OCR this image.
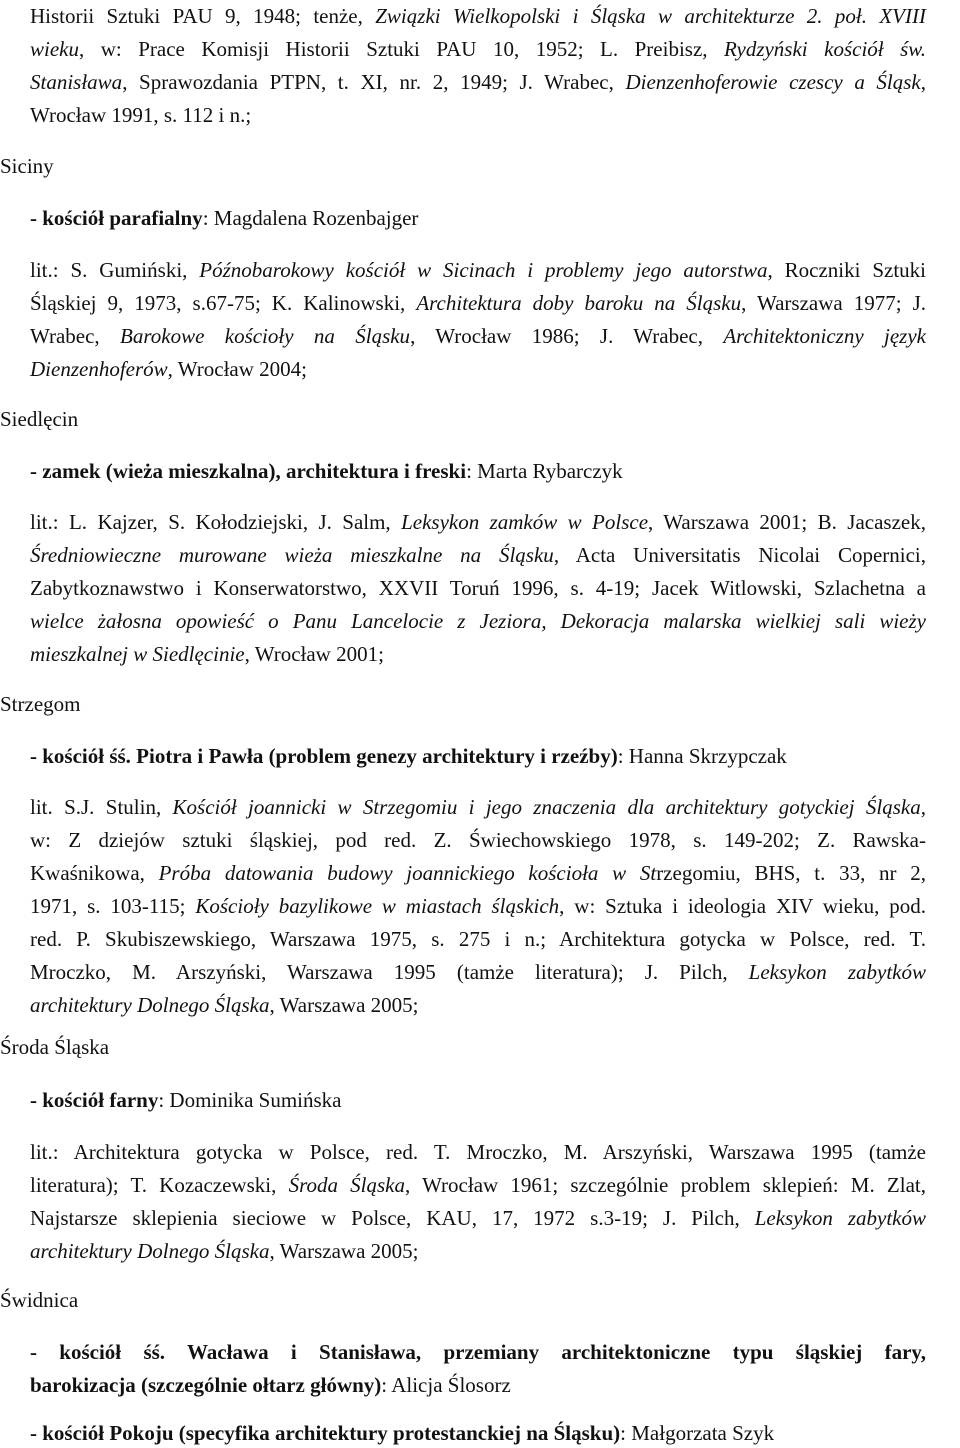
Historii Sztuki PAU 9, 1948; tenże, Związki Wielkopolski i Śląska w architekturze 2. poł. XVIII
wieku, w: Prace Komisji Historii Sztuki PAU 10, 1952; L. Preibisz, Rydzyński kościół św.
Stanisława, Sprawozdania PTPN, t. XI, nr. 2, 1949; J. Wrabec, Dienzenhoferowie czescy a Śląsk,
Wrocław 1991, s. 112 i n.;
Siciny
- kościół parafialny: Magdalena Rozenbajger
lit.: S. Gumiński, Późnobarokowy kościół w Sicinach i problemy jego autorstwa, Roczniki Sztuki
Śląskiej 9, 1973, s.67-75; K. Kalinowski, Architektura doby baroku na Śląsku, Warszawa 1977; J.
Wrabec, Barokowe kościoły na Śląsku, Wrocław 1986; J. Wrabec, Architektoniczny język
Dienzenhoferów, Wrocław 2004;
Siedlęcin
- zamek (wieża mieszkalna), architektura i freski: Marta Rybarczyk
lit.: L. Kajzer, S. Kołodziejski, J. Salm, Leksykon zamków w Polsce, Warszawa 2001; B. Jacaszek,
Średniowieczne murowane wieża mieszkalne na Śląsku, Acta Universitatis Nicolai Copernici,
Zabytkoznawstwo i Konserwatorstwo, XXVII Toruń 1996, s. 4-19; Jacek Witlowski, Szlachetna a
wielce żałosna opowieść o Panu Lancelocie z Jeziora, Dekoracja malarska wielkiej sali wieży
mieszkalnej w Siedlęcinie, Wrocław 2001;
Strzegom
- kościół śś. Piotra i Pawła (problem genezy architektury i rzeźby): Hanna Skrzypczak
lit. S.J. Stulin, Kościół joannicki w Strzegomiu i jego znaczenia dla architektury gotyckiej Śląska,
w: Z dziejów sztuki śląskiej, pod red. Z. Świechowskiego 1978, s. 149-202; Z. Rawska-
Kwaśnikowa, Próba datowania budowy joannickiego kościoła w Strzegomiu, BHS, t. 33, nr 2,
1971, s. 103-115; Kościoły bazylikowe w miastach śląskich, w: Sztuka i ideologia XIV wieku, pod.
red. P. Skubiszewskiego, Warszawa 1975, s. 275 i n.; Architektura gotycka w Polsce, red. T.
Mroczko, M. Arszyński, Warszawa 1995 (tamże literatura); J. Pilch, Leksykon zabytków
architektury Dolnego Śląska, Warszawa 2005;
Środa Śląska
- kościół farny: Dominika Sumińska
lit.: Architektura gotycka w Polsce, red. T. Mroczko, M. Arszyński, Warszawa 1995 (tamże
literatura); T. Kozaczewski, Środa Śląska, Wrocław 1961; szczególnie problem sklepień: M. Zlat,
Najstarsze sklepienia sieciowe w Polsce, KAU, 17, 1972 s.3-19; J. Pilch, Leksykon zabytków
architektury Dolnego Śląska, Warszawa 2005;
Świdnica
- kościół śś. Wacława i Stanisława, przemiany architektoniczne typu śląskiej fary,
barokizacja (szczególnie ołtarz główny): Alicja Ślosorz
- kościół Pokoju (specyfika architektury protestanckiej na Śląsku): Małgorzata Szyk
